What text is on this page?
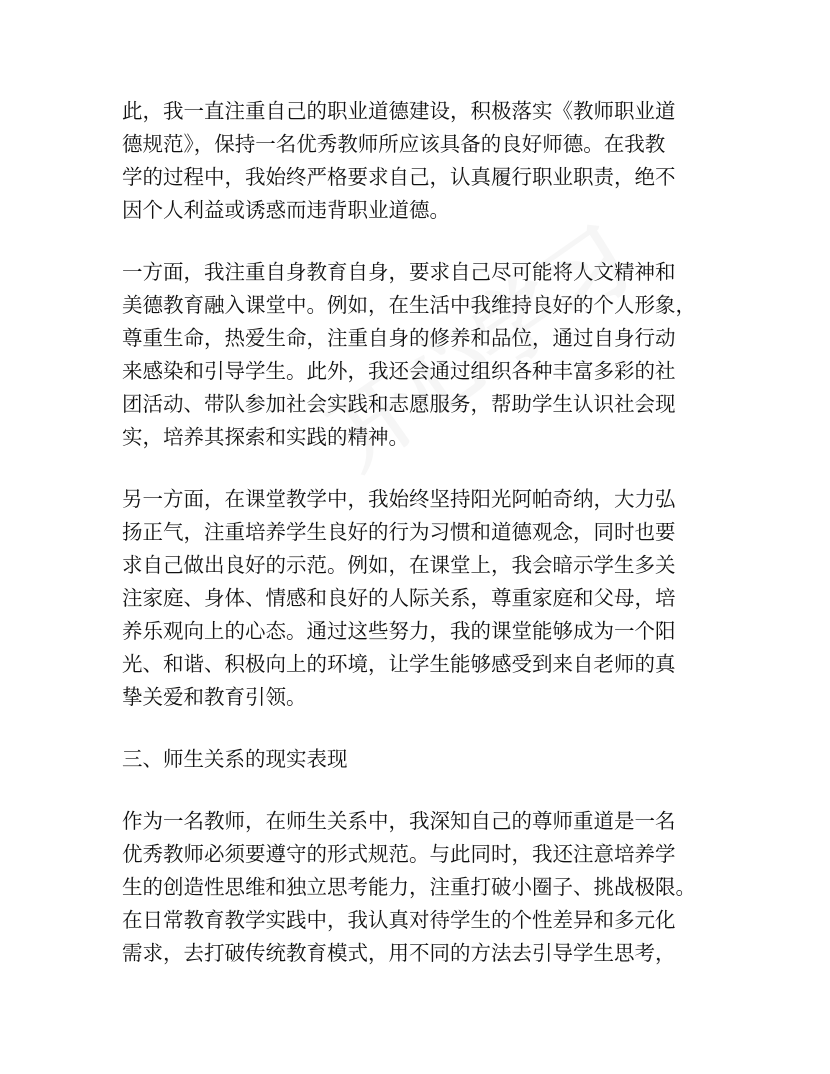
此，我一直注重自己的职业道德建设，积极落实《教师职业道
德规范》，保持一名优秀教师所应该具备的良好师德。在我教
学的过程中，我始终严格要求自己，认真履行职业职责，绝不
因个人利益或诱惑而违背职业道德。

一方面，我注重自身教育自身，要求自己尽可能将人文精神和
美德教育融入课堂中。例如，在生活中我维持良好的个人形象，
尊重生命，热爱生命，注重自身的修养和品位，通过自身行动
来感染和引导学生。此外，我还会通过组织各种丰富多彩的社
团活动、带队参加社会实践和志愿服务，帮助学生认识社会现
实，培养其探索和实践的精神。

另一方面，在课堂教学中，我始终坚持阳光阿帕奇纳，大力弘
扬正气，注重培养学生良好的行为习惯和道德观念，同时也要
求自己做出良好的示范。例如，在课堂上，我会暗示学生多关
注家庭、身体、情感和良好的人际关系，尊重家庭和父母，培
养乐观向上的心态。通过这些努力，我的课堂能够成为一个阳
光、和谐、积极向上的环境，让学生能够感受到来自老师的真
挚关爱和教育引领。

三、师生关系的现实表现

作为一名教师，在师生关系中，我深知自己的尊师重道是一名
优秀教师必须要遵守的形式规范。与此同时，我还注意培养学
生的创造性思维和独立思考能力，注重打破小圈子、挑战极限。
在日常教育教学实践中，我认真对待学生的个性差异和多元化
需求，去打破传统教育模式，用不同的方法去引导学生思考，
